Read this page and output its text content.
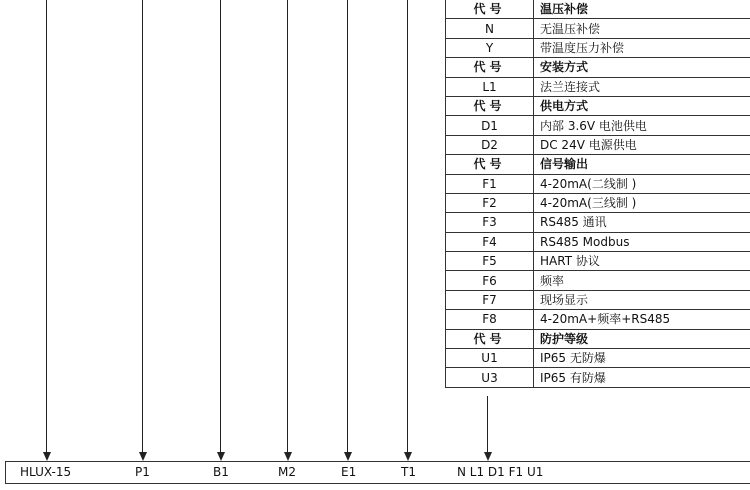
代号	温压补偿
N	无温压补偿
Y	带温度压力补偿
代号	安装方式
L1	法兰连接式
代号	供电方式
D1	内部 3.6V 电池供电
D2	DC 24V 电源供电
代号	信号输出
F1	4-20mA(二线制 )
F2	4-20mA(三线制 )
F3	RS485 通讯
F4	RS485 Modbus
F5	HART 协议
F6	频率
F7	现场显示
F8	4-20mA+频率+RS485
代号	防护等级
U1	IP65 无防爆
U3	IP65 有防爆
HLUX-15	P1	B1	M2	E1	T1	N L1 D1 F1 U1
